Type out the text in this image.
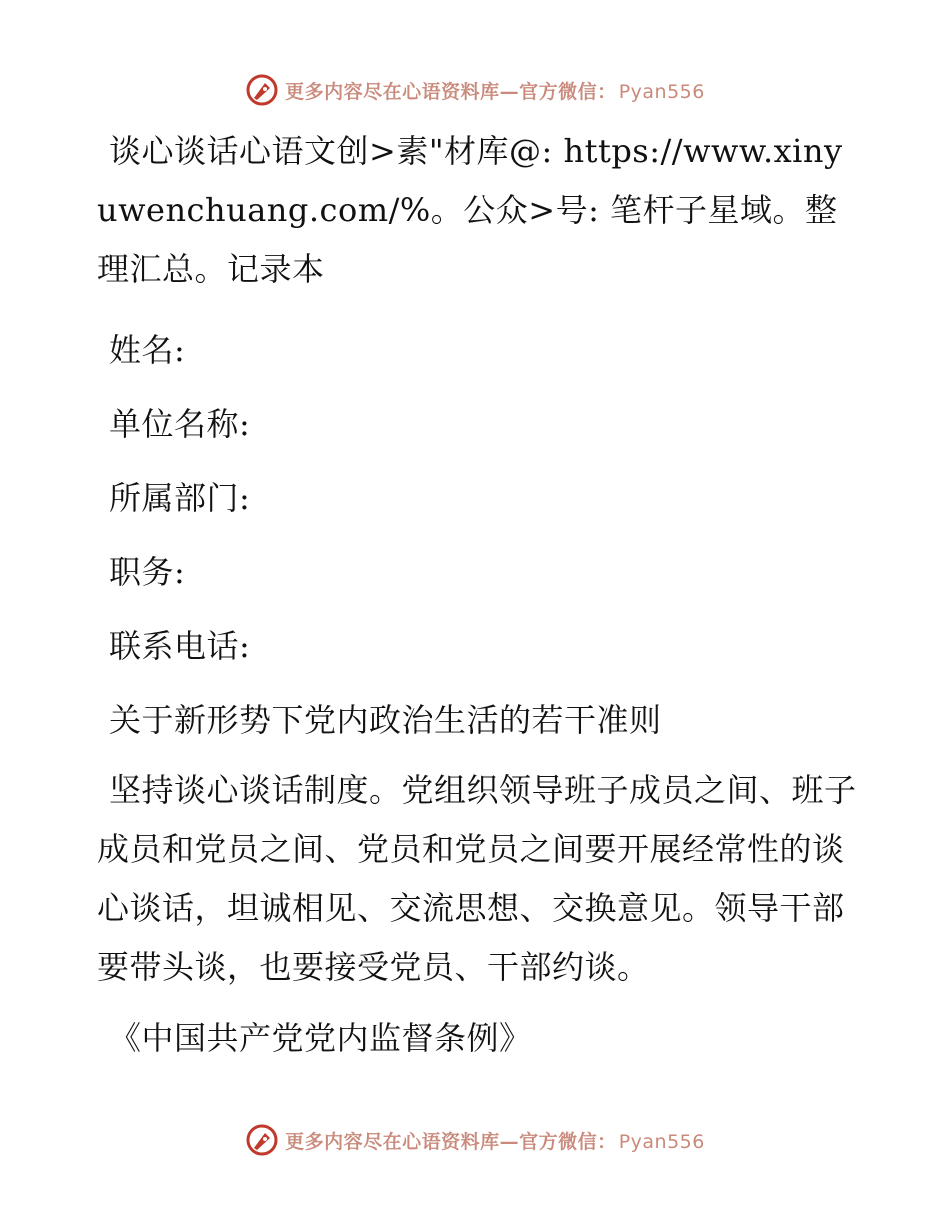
更多内容尽在心语资料库—官方微信： Pyan556

谈心谈话心语文创>素"材库@: https://www.xinyuwenchuang.com/%。公众>号: 笔杆子星域。整理汇总。记录本

姓名:

单位名称:

所属部门:

职务:

联系电话:

关于新形势下党内政治生活的若干准则

坚持谈心谈话制度。党组织领导班子成员之间、班子成员和党员之间、党员和党员之间要开展经常性的谈心谈话，坦诚相见、交流思想、交换意见。领导干部要带头谈，也要接受党员、干部约谈。

《中国共产党党内监督条例》

更多内容尽在心语资料库—官方微信： Pyan556
